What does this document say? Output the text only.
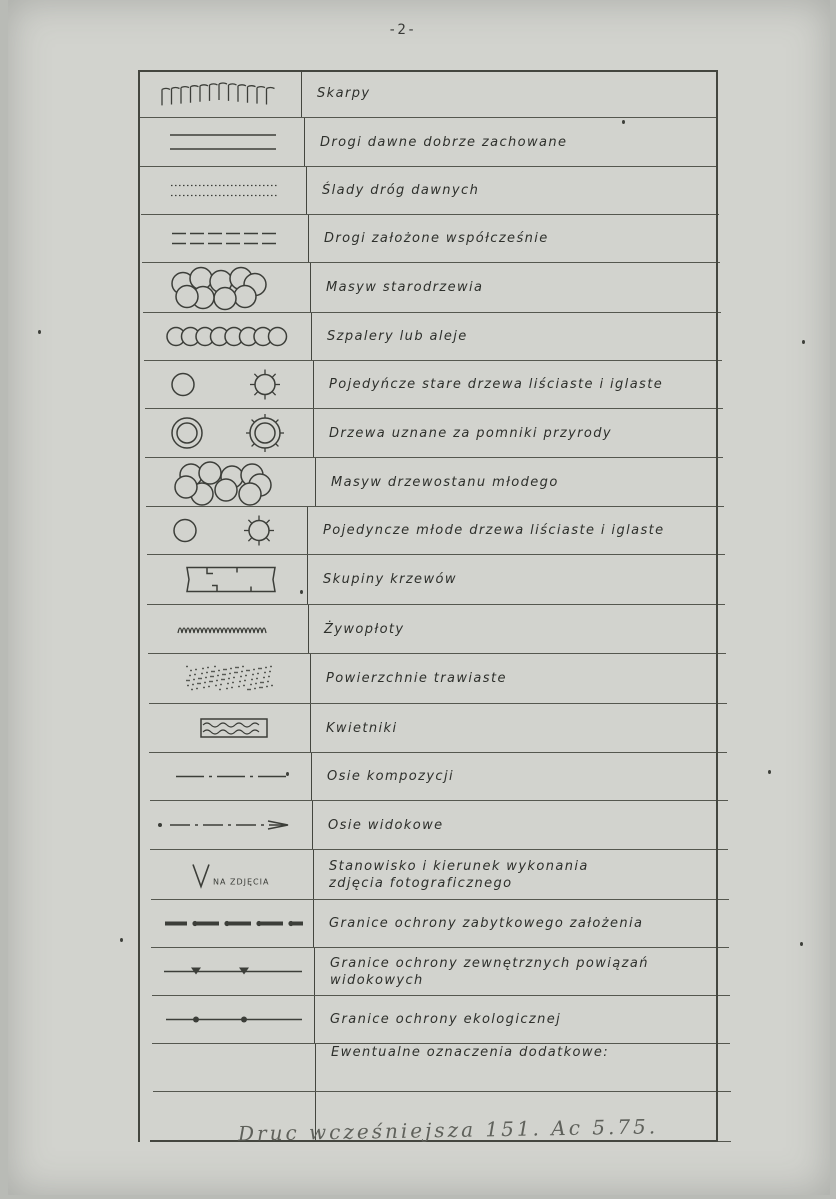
-2-
Skarpy
Drogi dawne dobrze zachowane
Ślady dróg dawnych
Drogi założone współcześnie
Masyw starodrzewia
Szpalery lub aleje
Pojedyńcze stare drzewa liściaste i iglaste
Drzewa uznane za pomniki przyrody
Masyw drzewostanu młodego
Pojedyncze młode drzewa liściaste i iglaste
Skupiny krzewów
Żywopłoty
Powierzchnie trawiaste
Kwietniki
Osie kompozycji
Osie widokowe
NA ZDJĘCIA
Stanowisko i kierunek wykonania
zdjęcia fotograficznego
Granice ochrony zabytkowego założenia
Granice ochrony zewnętrznych powiązań widokowych
Granice ochrony ekologicznej
Ewentualne oznaczenia dodatkowe:
Druc wcześniejsza 151. Ac 5.75.
